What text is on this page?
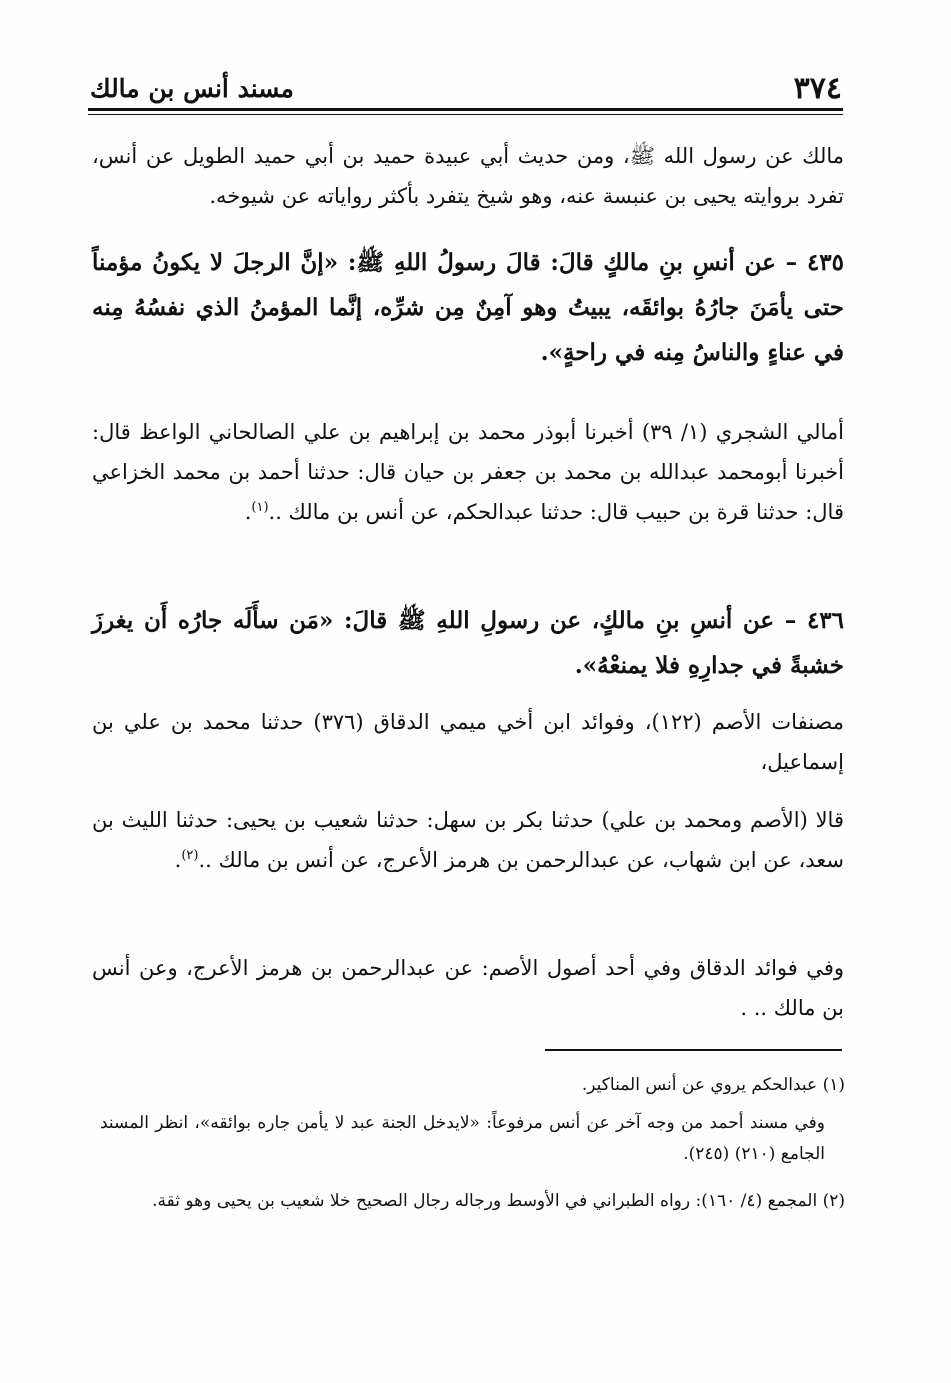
٣٧٤
مسند أنس بن مالك

مالك عن رسول الله ﷺ، ومن حديث أبي عبيدة حميد بن أبي حميد الطويل عن أنس، تفرد بروايته يحيى بن عنبسة عنه، وهو شيخ يتفرد بأكثر رواياته عن شيوخه.

٤٣٥ – عن أنسِ بنِ مالكٍ قالَ: قالَ رسولُ اللهِ ﷺ: «إنَّ الرجلَ لا يكونُ مؤمناً حتى يأمَنَ جارُهُ بوائقَه، يبيتُ وهو آمِنٌ مِن شرِّه، إنَّما المؤمنُ الذي نفسُهُ مِنه في عناءٍ والناسُ مِنه في راحةٍ».

أمالي الشجري (١/ ٣٩) أخبرنا أبوذر محمد بن إبراهيم بن علي الصالحاني الواعظ قال: أخبرنا أبومحمد عبدالله بن محمد بن جعفر بن حيان قال: حدثنا أحمد بن محمد الخزاعي قال: حدثنا قرة بن حبيب قال: حدثنا عبدالحكم، عن أنس بن مالك ..$^{(١)}$.

٤٣٦ – عن أنسِ بنِ مالكٍ، عن رسولِ اللهِ ﷺ قالَ: «مَن سأَلَه جارُه أَن يغرزَ خشبةً في جدارِهِ فلا يمنعْهُ».

مصنفات الأصم (١٢٢)، وفوائد ابن أخي ميمي الدقاق (٣٧٦) حدثنا محمد بن علي بن إسماعيل،

قالا (الأصم ومحمد بن علي) حدثنا بكر بن سهل: حدثنا شعيب بن يحيى: حدثنا الليث بن سعد، عن ابن شهاب، عن عبدالرحمن بن هرمز الأعرج، عن أنس بن مالك ..$^{(٢)}$.

وفي فوائد الدقاق وفي أحد أصول الأصم: عن عبدالرحمن بن هرمز الأعرج، وعن أنس بن مالك .. .

(١) عبدالحكم يروي عن أنس المناكير.

وفي مسند أحمد من وجه آخر عن أنس مرفوعاً: «لايدخل الجنة عبد لا يأمن جاره بوائقه»، انظر المسند الجامع (٢١٠) (٢٤٥).

(٢) المجمع (٤/ ١٦٠): رواه الطبراني في الأوسط ورجاله رجال الصحيح خلا شعيب بن يحيى وهو ثقة.
